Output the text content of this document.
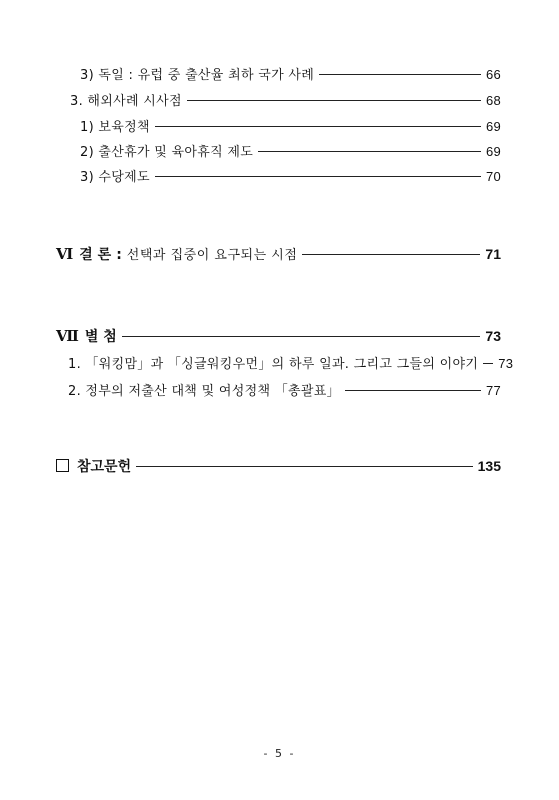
3) 독일 : 유럽 중 출산율 최하 국가 사례	66
3. 해외사례 시사점	68
1) 보육정책	69
2) 출산휴가 및 육아휴직 제도	69
3) 수당제도	70
Ⅵ 결 론 : 선택과 집중이 요구되는 시점	71
Ⅶ 별 첨	73
1. 「워킹맘」과 「싱글워킹우먼」의 하루 일과. 그리고 그들의 이야기 73
2. 정부의 저출산 대책 및 여성정책 「총괄표」	77
참고문헌	135
- 5 -
